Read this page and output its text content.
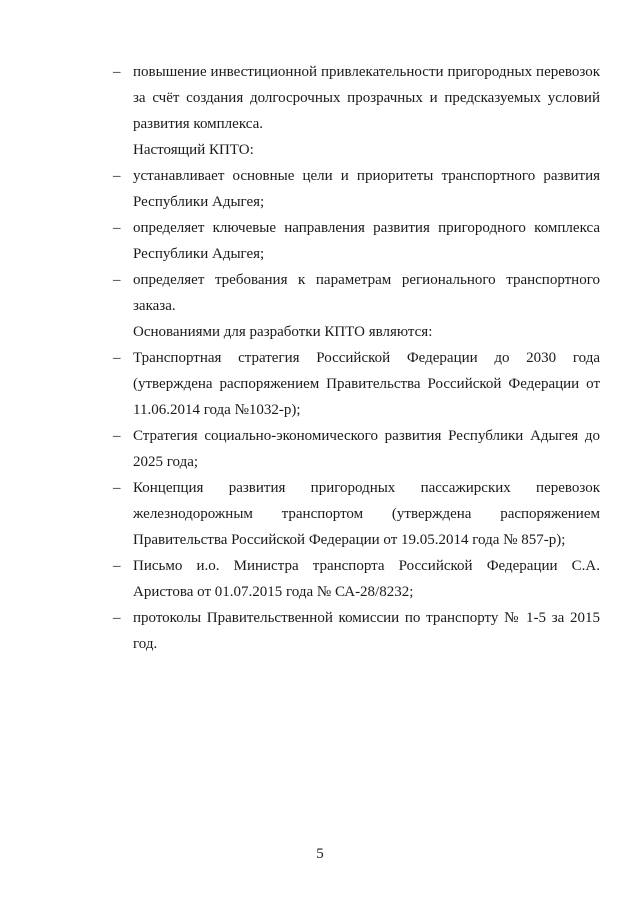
– повышение инвестиционной привлекательности пригородных перевозок за счёт создания долгосрочных прозрачных и предсказуемых условий развития комплекса.

Настоящий КПТО:

– устанавливает основные цели и приоритеты транспортного развития Республики Адыгея;
– определяет ключевые направления развития пригородного комплекса Республики Адыгея;
– определяет требования к параметрам регионального транспортного заказа.

Основаниями для разработки КПТО являются:

– Транспортная стратегия Российской Федерации до 2030 года (утверждена распоряжением Правительства Российской Федерации от 11.06.2014 года №1032-р);
– Стратегия социально-экономического развития Республики Адыгея до 2025 года;
– Концепция развития пригородных пассажирских перевозок железнодорожным транспортом (утверждена распоряжением Правительства Российской Федерации от 19.05.2014 года № 857-р);
– Письмо и.о. Министра транспорта Российской Федерации С.А. Аристова от 01.07.2015 года № СА-28/8232;
– протоколы Правительственной комиссии по транспорту № 1-5 за 2015 год.
5
